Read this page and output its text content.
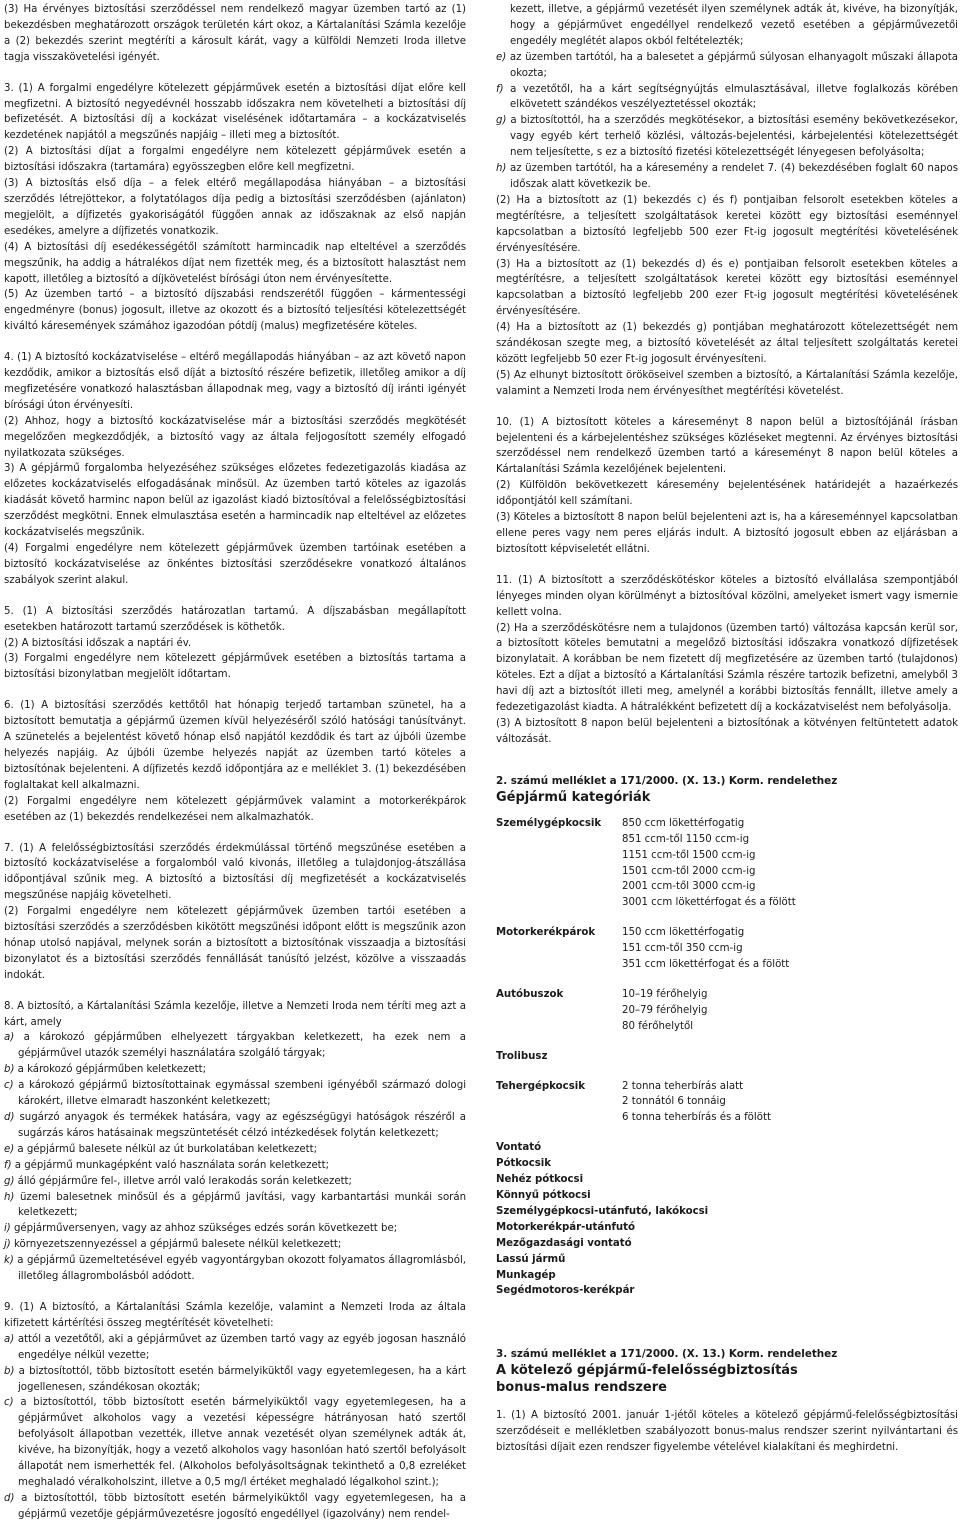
(3) Ha érvényes biztosítási szerződéssel nem rendelkező magyar üzemben tartó az (1) bekezdésben meghatározott országok területén kárt okoz, a Kártalanítási Számla kezelője a (2) bekezdés szerint megtéríti a károsult kárát, vagy a külföldi Nemzeti Iroda illetve tagja visszakövetelési igényét.

3. (1) A forgalmi engedélyre kötelezett gépjárművek esetén a biztosítási díjat előre kell megfizetni. A biztosító negyedévnél hosszabb időszakra nem követelheti a biztosítási díj befizetését. A biztosítási díj a kockázat viselésének időtartamára – a kockázatviselés kezdetének napjától a megszűnés napjáig – illeti meg a biztosítót.

(2) A biztosítási díjat a forgalmi engedélyre nem kötelezett gépjárművek esetén a biztosítási időszakra (tartamára) egyösszegben előre kell megfizetni.

(3) A biztosítás első díja – a felek eltérő megállapodása hiányában – a biztosítási szerződés létrejöttekor, a folytatólagos díja pedig a biztosítási szerződésben (ajánlaton) megjelölt, a díjfizetés gyakoriságától függően annak az időszaknak az első napján esedékes, amelyre a díjfizetés vonatkozik.

(4) A biztosítási díj esedékességétől számított harmincadik nap elteltével a szerződés megszűnik, ha addig a hátralékos díjat nem fizették meg, és a biztosított halasztást nem kapott, illetőleg a biztosító a díjkövetelést bírósági úton nem érvényesítette.

(5) Az üzemben tartó – a biztosító díjszabási rendszerétől függően – kármentességi engedményre (bonus) jogosult, illetve az okozott és a biztosító teljesítési kötelezettségét kiváltó káresemények számához igazodóan pótdíj (malus) megfizetésére köteles.

4. (1) A biztosító kockázatviselése – eltérő megállapodás hiányában – az azt követő napon kezdődik, amikor a biztosítás első díját a biztosító részére befizetik, illetőleg amikor a díj megfizetésére vonatkozó halasztásban állapodnak meg, vagy a biztosító díj iránti igényét bírósági úton érvényesíti.

(2) Ahhoz, hogy a biztosító kockázatviselése már a biztosítási szerződés megkötését megelőzően megkezdődjék, a biztosító vagy az általa feljogosított személy elfogadó nyilatkozata szükséges.

3) A gépjármű forgalomba helyezéséhez szükséges előzetes fedezetigazolás kiadása az előzetes kockázatviselés elfogadásának minősül. Az üzemben tartó köteles az igazolás kiadását követő harminc napon belül az igazolást kiadó biztosítóval a felelősségbiztosítási szerződést megkötni. Ennek elmulasztása esetén a harmincadik nap elteltével az előzetes kockázatviselés megszűnik.

(4) Forgalmi engedélyre nem kötelezett gépjárművek üzemben tartóinak esetében a biztosító kockázatviselése az önkéntes biztosítási szerződésekre vonatkozó általános szabályok szerint alakul.

5. (1) A biztosítási szerződés határozatlan tartamú. A díjszabásban megállapított esetekben határozott tartamú szerződések is köthetők.

(2) A biztosítási időszak a naptári év.

(3) Forgalmi engedélyre nem kötelezett gépjárművek esetében a biztosítás tartama a biztosítási bizonylatban megjelölt időtartam.

6. (1) A biztosítási szerződés kettőtől hat hónapig terjedő tartamban szünetel, ha a biztosított bemutatja a gépjármű üzemen kívül helyezéséről szóló hatósági tanúsítványt. A szünetelés a bejelentést követő hónap első napjától kezdődik és tart az újbóli üzembe helyezés napjáig. Az újbóli üzembe helyezés napját az üzemben tartó köteles a biztosítónak bejelenteni. A díjfizetés kezdő időpontjára az e melléklet 3. (1) bekezdésében foglaltakat kell alkalmazni.

(2) Forgalmi engedélyre nem kötelezett gépjárművek valamint a motorkerékpárok esetében az (1) bekezdés rendelkezései nem alkalmazhatók.

7. (1) A felelősségbiztosítási szerződés érdekmúlással történő megszűnése esetében a biztosító kockázatviselése a forgalomból való kivonás, illetőleg a tulajdonjog-átszállása időpontjával szűnik meg. A biztosító a biztosítási díj megfizetését a kockázatviselés megszűnése napjáig követelheti.

(2) Forgalmi engedélyre nem kötelezett gépjárművek üzemben tartói esetében a biztosítási szerződés a szerződésben kikötött megszűnési időpont előtt is megszűnik azon hónap utolsó napjával, melynek során a biztosított a biztosítónak visszaadja a biztosítási bizonylatot és a biztosítási szerződés fennállását tanúsító jelzést, közölve a visszaadás indokát.

8. A biztosító, a Kártalanítási Számla kezelője, illetve a Nemzeti Iroda nem téríti meg azt a kárt, amely

a) a károkozó gépjárműben elhelyezett tárgyakban keletkezett, ha ezek nem a gépjárművel utazók személyi használatára szolgáló tárgyak;

b) a károkozó gépjárműben keletkezett;

c) a károkozó gépjármű biztosítottainak egymással szembeni igényéből származó dologi károkért, illetve elmaradt haszonként keletkezett;

d) sugárzó anyagok és termékek hatására, vagy az egészségügyi hatóságok részéről a sugárzás káros hatásainak megszüntetését célzó intézkedések folytán keletkezett;

e) a gépjármű balesete nélkül az út burkolatában keletkezett;

f) a gépjármű munkagépként való használata során keletkezett;

g) álló gépjárműre fel-, illetve arról való lerakodás során keletkezett;

h) üzemi balesetnek minősül és a gépjármű javítási, vagy karbantartási munkái során keletkezett;

i) gépjárműversenyen, vagy az ahhoz szükséges edzés során következett be;

j) környezetszennyezéssel a gépjármű balesete nélkül keletkezett;

k) a gépjármű üzemeltetésével egyéb vagyontárgyban okozott folyamatos állagromlásból, illetőleg állagrombolásból adódott.

9. (1) A biztosító, a Kártalanítási Számla kezelője, valamint a Nemzeti Iroda az általa kifizetett kártérítési összeg megtérítését követelheti:

a) attól a vezetőtől, aki a gépjárművet az üzemben tartó vagy az egyéb jogosan használó engedélye nélkül vezette;

b) a biztosítottól, több biztosított esetén bármelyiküktől vagy egyetemlegesen, ha a kárt jogellenesen, szándékosan okozták;

c) a biztosítottól, több biztosított esetén bármelyiküktől vagy egyetemlegesen, ha a gépjárművet alkoholos vagy a vezetési képességre hátrányosan ható szertől befolyásolt állapotban vezették, illetve annak vezetését olyan személynek adták át, kivéve, ha bizonyítják, hogy a vezető alkoholos vagy hasonlóan ható szertől befolyásolt állapotát nem ismerhették fel. (Alkoholos befolyásoltságnak tekinthető a 0,8 ezreléket meghaladó véralkoholszint, illetve a 0,5 mg/l értéket meghaladó légalkohol szint.);

d) a biztosítottól, több biztosított esetén bármelyiküktől vagy egyetemlegesen, ha a gépjármű vezetője gépjárművezetésre jogosító engedéllyel (igazolvány) nem rendel-

kezett, illetve, a gépjármű vezetését ilyen személynek adták át, kivéve, ha bizonyítják, hogy a gépjárművet engedéllyel rendelkező vezető esetében a gépjárművezetői engedély meglétét alapos okból feltételezték;

e) az üzemben tartótól, ha a balesetet a gépjármű súlyosan elhanyagolt műszaki állapota okozta;

f) a vezetőtől, ha a kárt segítségnyújtás elmulasztásával, illetve foglalkozás körében elkövetett szándékos veszélyeztetéssel okozták;

g) a biztosítottól, ha a szerződés megkötésekor, a biztosítási esemény bekövetkezésekor, vagy egyéb kért terhelő közlési, változás-bejelentési, kárbejelentési kötelezettségét nem teljesítette, s ez a biztosító fizetési kötelezettségét lényegesen befolyásolta;

h) az üzemben tartótól, ha a káresemény a rendelet 7. (4) bekezdésében foglalt 60 napos időszak alatt következik be.

(2) Ha a biztosított az (1) bekezdés c) és f) pontjaiban felsorolt esetekben köteles a megtérítésre, a teljesített szolgáltatások keretei között egy biztosítási eseménnyel kapcsolatban a biztosító legfeljebb 500 ezer Ft-ig jogosult megtérítési követelésének érvényesítésére.

(3) Ha a biztosított az (1) bekezdés d) és e) pontjaiban felsorolt esetekben köteles a megtérítésre, a teljesített szolgáltatások keretei között egy biztosítási eseménnyel kapcsolatban a biztosító legfeljebb 200 ezer Ft-ig jogosult megtérítési követelésének érvényesítésére.

(4) Ha a biztosított az (1) bekezdés g) pontjában meghatározott kötelezettségét nem szándékosan szegte meg, a biztosító követelését az által teljesített szolgáltatás keretei között legfeljebb 50 ezer Ft-ig jogosult érvényesíteni.

(5) Az elhunyt biztosított örököseivel szemben a biztosító, a Kártalanítási Számla kezelője, valamint a Nemzeti Iroda nem érvényesíthet megtérítési követelést.

10. (1) A biztosított köteles a káreseményt 8 napon belül a biztosítójánál írásban bejelenteni és a kárbejelentéshez szükséges közléseket megtenni. Az érvényes biztosítási szerződéssel nem rendelkező üzemben tartó a káreseményt 8 napon belül köteles a Kártalanítási Számla kezelőjének bejelenteni.

(2) Külföldön bekövetkezett káresemény bejelentésének határidejét a hazaérkezés időpontjától kell számítani.

(3) Köteles a biztosított 8 napon belül bejelenteni azt is, ha a káreseménnyel kapcsolatban ellene peres vagy nem peres eljárás indult. A biztosító jogosult ebben az eljárásban a biztosított képviseletét ellátni.

11. (1) A biztosított a szerződéskötéskor köteles a biztosító elvállalása szempontjából lényeges minden olyan körülményt a biztosítóval közölni, amelyeket ismert vagy ismernie kellett volna.

(2) Ha a szerződéskötésre nem a tulajdonos (üzemben tartó) változása kapcsán kerül sor, a biztosított köteles bemutatni a megelőző biztosítási időszakra vonatkozó díjfizetések bizonylatait. A korábban be nem fizetett díj megfizetésére az üzemben tartó (tulajdonos) köteles. Ezt a díjat a biztosító a Kártalanítási Számla részére tartozik befizetni, amelyből 3 havi díj azt a biztosítót illeti meg, amelynél a korábbi biztosítás fennállt, illetve amely a fedezetigazolást kiadta. A hátralékként befizetett díj a kockázatviselést nem befolyásolja.

(3) A biztosított 8 napon belül bejelenteni a biztosítónak a kötvényen feltüntetett adatok változását.

2. számú melléklet a 171/2000. (X. 13.) Korm. rendelethez

Gépjármű kategóriák

Személygépkocsik	850 ccm lökettérfogatig
851 ccm-től 1150 ccm-ig
1151 ccm-től 1500 ccm-ig
1501 ccm-től 2000 ccm-ig
2001 ccm-től 3000 ccm-ig
3001 ccm lökettérfogat és a fölött
Motorkerékpárok	150 ccm lökettérfogatig
151 ccm-től 350 ccm-ig
351 ccm lökettérfogat és a fölött
Autóbuszok	10–19 férőhelyig
20–79 férőhelyig
80 férőhelytől
Trolibusz
Tehergépkocsik	2 tonna teherbírás alatt
2 tonnától 6 tonnáig
6 tonna teherbírás és a fölött

Vontató

Pótkocsik

Nehéz pótkocsi

Könnyű pótkocsi

Személygépkocsi-utánfutó, lakókocsi

Motorkerékpár-utánfutó

Mezőgazdasági vontató

Lassú jármű

Munkagép

Segédmotoros-kerékpár

3. számú melléklet a 171/2000. (X. 13.) Korm. rendelethez

A kötelező gépjármű-felelősségbiztosítás

bonus-malus rendszere

1. (1) A biztosító 2001. január 1-jétől köteles a kötelező gépjármű-felelősségbiztosítási szerződéseit e mellékletben szabályozott bonus-malus rendszer szerint nyilvántartani és biztosítási díjait ezen rendszer figyelembe vételével kialakítani és meghirdetni.
